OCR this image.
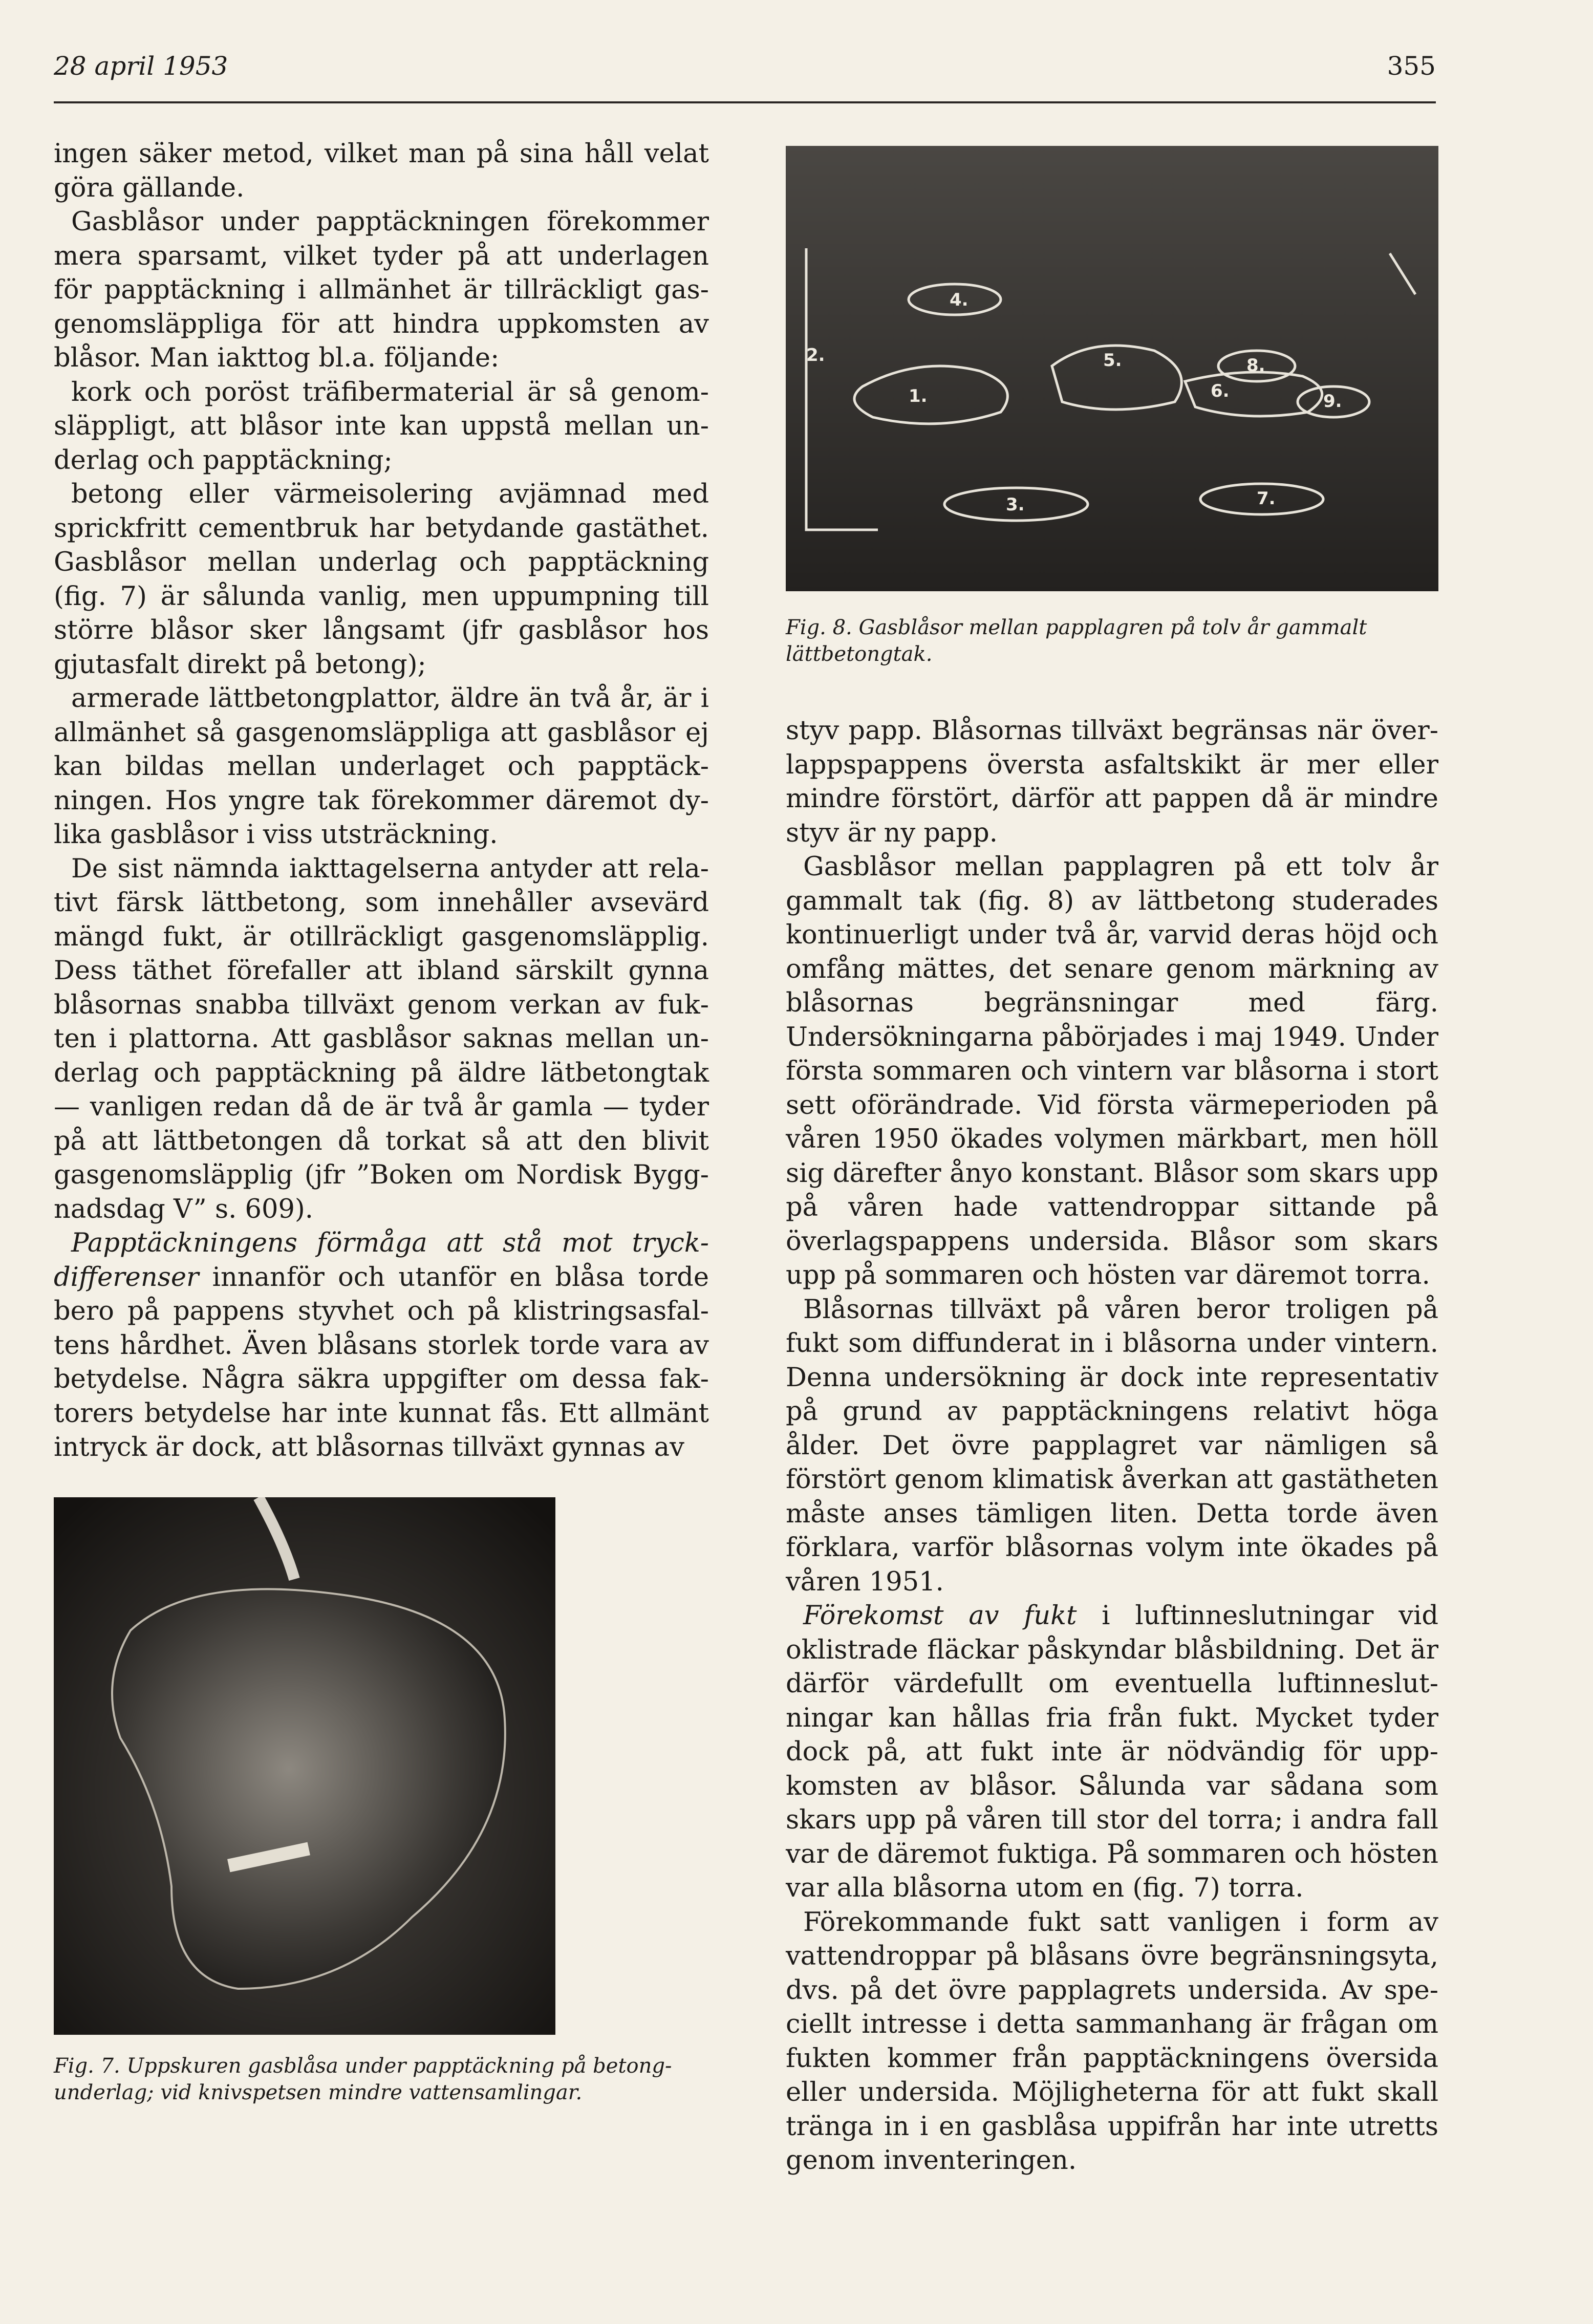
28 april 1953	355

ingen säker metod, vilket man på sina håll velat göra gällande.

Gasblåsor under papptäckningen förekommer mera sparsamt, vilket tyder på att underlagen för papptäckning i allmänhet är tillräckligt gasgenomsläppliga för att hindra uppkomsten av blåsor. Man iakttog bl.a. följande:

kork och poröst träfibermaterial är så genomsläppligt, att blåsor inte kan uppstå mellan underlag och papptäckning;

betong eller värmeisolering avjämnad med sprickfritt cementbruk har betydande gastäthet. Gasblåsor mellan underlag och papptäckning (fig. 7) är sålunda vanlig, men uppumpning till större blåsor sker långsamt (jfr gasblåsor hos gjutasfalt direkt på betong);

armerade lättbetongplattor, äldre än två år, är i allmänhet så gasgenomsläppliga att gasblåsor ej kan bildas mellan underlaget och papptäckningen. Hos yngre tak förekommer däremot dylika gasblåsor i viss utsträckning.

De sist nämnda iakttagelserna antyder att relativt färsk lättbetong, som innehåller avsevärd mängd fukt, är otillräckligt gasgenomsläpplig. Dess täthet förefaller att ibland särskilt gynna blåsornas snabba tillväxt genom verkan av fukten i plattorna. Att gasblåsor saknas mellan underlag och papptäckning på äldre lätbetongtak — vanligen redan då de är två år gamla — tyder på att lättbetongen då torkat så att den blivit gasgenomsläpplig (jfr ”Boken om Nordisk Byggnadsdag V” s. 609).

Papptäckningens förmåga att stå mot tryckdifferenser innanför och utanför en blåsa torde bero på pappens styvhet och på klistringsasfaltens hårdhet. Även blåsans storlek torde vara av betydelse. Några säkra uppgifter om dessa faktorers betydelse har inte kunnat fås. Ett allmänt intryck är dock, att blåsornas tillväxt gynnas av

Fig. 7. Uppskuren gasblåsa under papptäckning på betongunderlag; vid knivspetsen mindre vattensamlingar.
1.
2.
3.
4.
5.
6.
7.
8.
9.
Fig. 8. Gasblåsor mellan papplagren på tolv år gammalt lättbetongtak.

styv papp. Blåsornas tillväxt begränsas när överlappspappens översta asfaltskikt är mer eller mindre förstört, därför att pappen då är mindre styv är ny papp.

Gasblåsor mellan papplagren på ett tolv år gammalt tak (fig. 8) av lättbetong studerades kontinuerligt under två år, varvid deras höjd och omfång mättes, det senare genom märkning av blåsornas begränsningar med färg. Undersökningarna påbörjades i maj 1949. Under första sommaren och vintern var blåsorna i stort sett oförändrade. Vid första värmeperioden på våren 1950 ökades volymen märkbart, men höll sig därefter ånyo konstant. Blåsor som skars upp på våren hade vattendroppar sittande på överlagspappens undersida. Blåsor som skars upp på sommaren och hösten var däremot torra.

Blåsornas tillväxt på våren beror troligen på fukt som diffunderat in i blåsorna under vintern. Denna undersökning är dock inte representativ på grund av papptäckningens relativt höga ålder. Det övre papplagret var nämligen så förstört genom klimatisk åverkan att gastätheten måste anses tämligen liten. Detta torde även förklara, varför blåsornas volym inte ökades på våren 1951.

Förekomst av fukt i luftinneslutningar vid oklistrade fläckar påskyndar blåsbildning. Det är därför värdefullt om eventuella luftinneslutningar kan hållas fria från fukt. Mycket tyder dock på, att fukt inte är nödvändig för uppkomsten av blåsor. Sålunda var sådana som skars upp på våren till stor del torra; i andra fall var de däremot fuktiga. På sommaren och hösten var alla blåsorna utom en (fig. 7) torra.

Förekommande fukt satt vanligen i form av vattendroppar på blåsans övre begränsningsyta, dvs. på det övre papplagrets undersida. Av speciellt intresse i detta sammanhang är frågan om fukten kommer från papptäckningens översida eller undersida. Möjligheterna för att fukt skall tränga in i en gasblåsa uppifrån har inte utretts genom inventeringen.
